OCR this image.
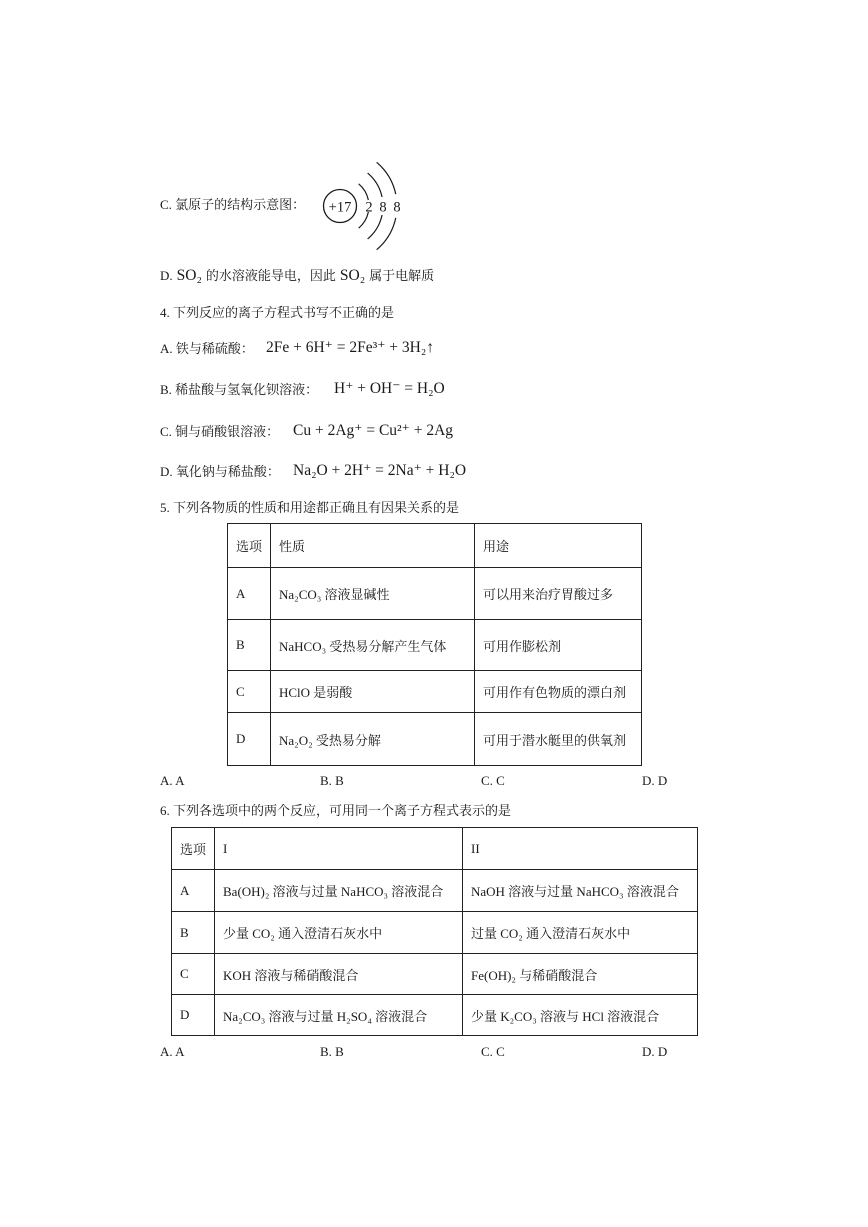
C. 氯原子的结构示意图： +17 2 8 8
D. SO₂ 的水溶液能导电，因此 SO₂ 属于电解质
4. 下列反应的离子方程式书写不正确的是
A. 铁与稀硫酸： 2Fe + 6H⁺ = 2Fe³⁺ + 3H₂↑
B. 稀盐酸与氢氧化钡溶液： H⁺ + OH⁻ = H₂O
C. 铜与硝酸银溶液： Cu + 2Ag⁺ = Cu²⁺ + 2Ag
D. 氧化钠与稀盐酸： Na₂O + 2H⁺ = 2Na⁺ + H₂O
5. 下列各物质的性质和用途都正确且有因果关系的是
选项	性质	用途
A	Na₂CO₃ 溶液显碱性	可以用来治疗胃酸过多
B	NaHCO₃ 受热易分解产生气体	可用作膨松剂
C	HClO 是弱酸	可用作有色物质的漂白剂
D	Na₂O₂ 受热易分解	可用于潜水艇里的供氧剂
A. A	B. B	C. C	D. D
6. 下列各选项中的两个反应，可用同一个离子方程式表示的是
选项	I	II
A	Ba(OH)₂ 溶液与过量 NaHCO₃ 溶液混合	NaOH 溶液与过量 NaHCO₃ 溶液混合
B	少量 CO₂ 通入澄清石灰水中	过量 CO₂ 通入澄清石灰水中
C	KOH 溶液与稀硝酸混合	Fe(OH)₂ 与稀硝酸混合
D	Na₂CO₃ 溶液与过量 H₂SO₄ 溶液混合	少量 K₂CO₃ 溶液与 HCl 溶液混合
A. A	B. B	C. C	D. D
